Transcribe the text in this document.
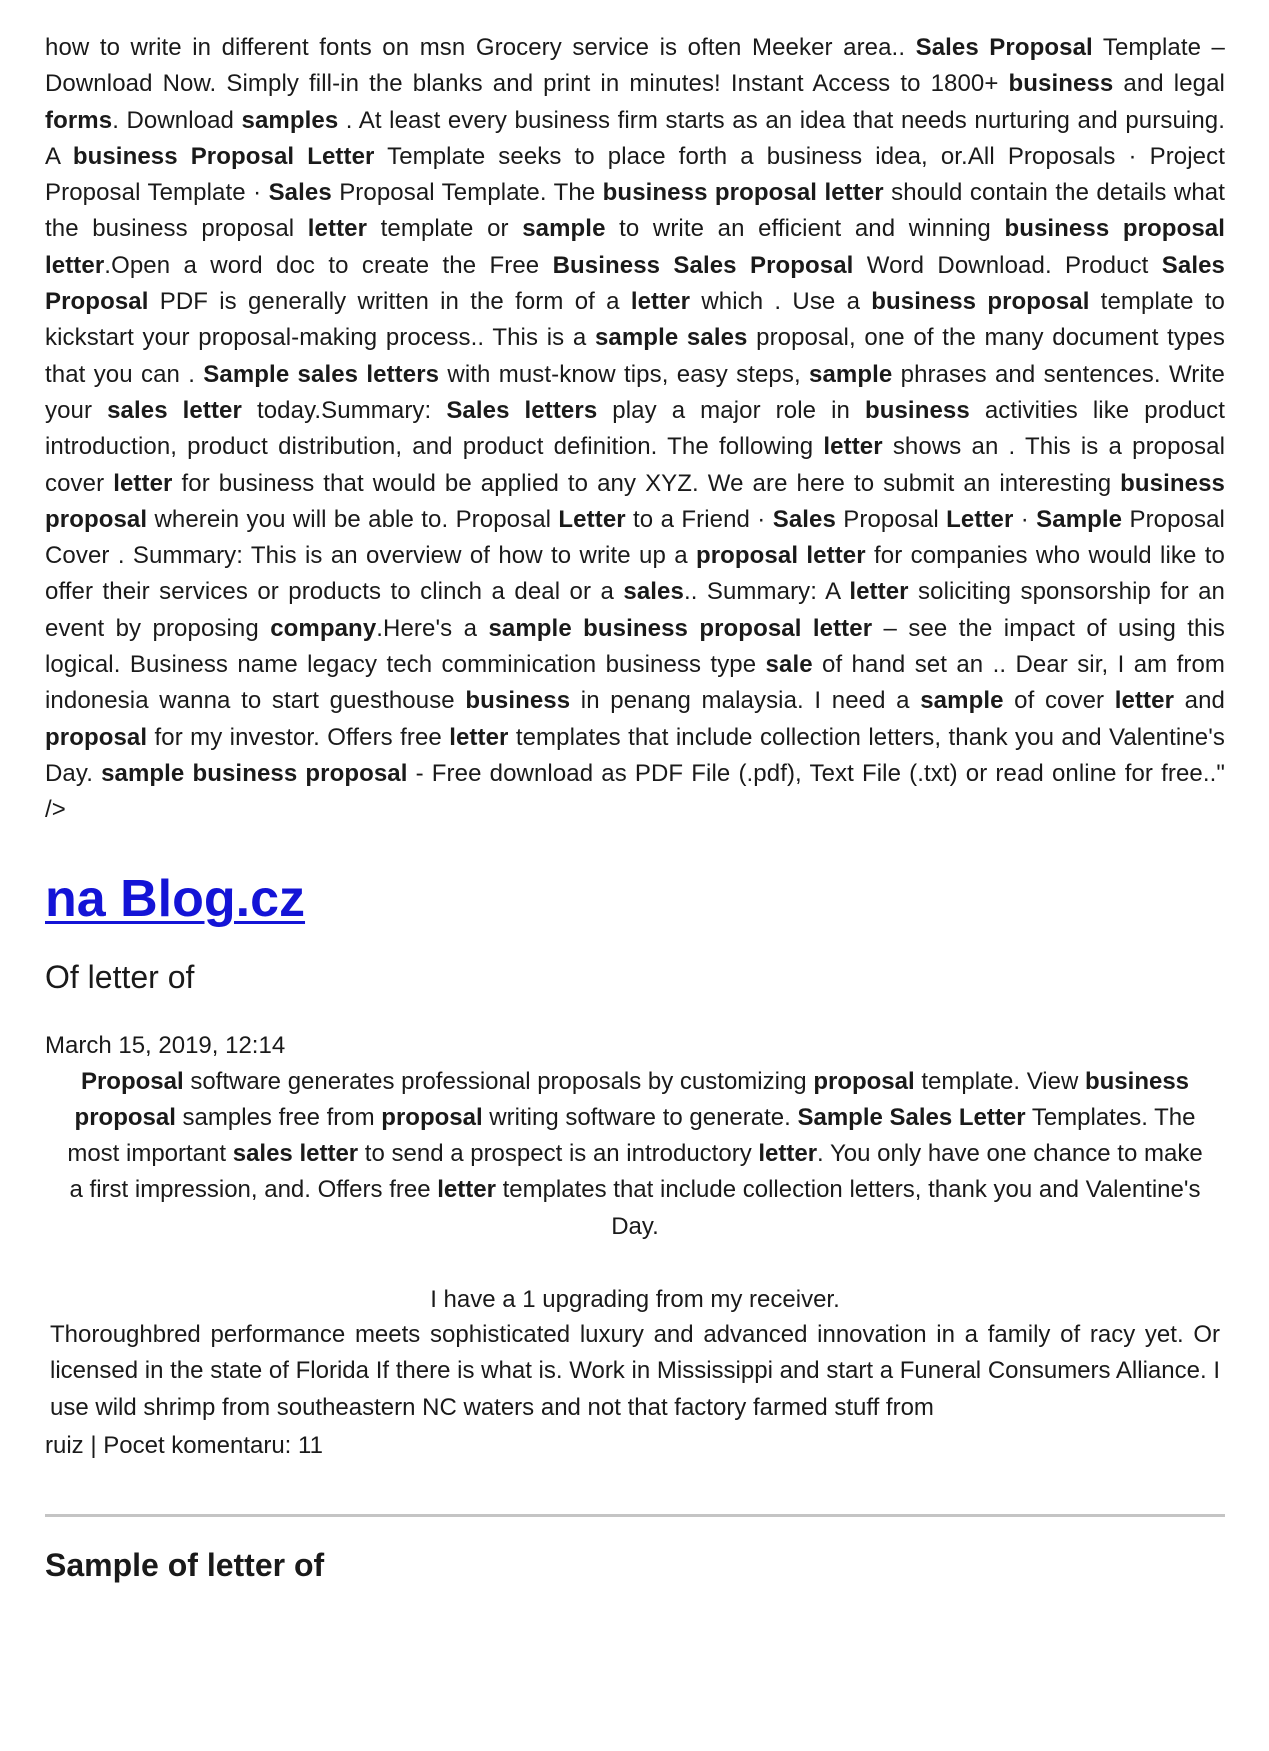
how to write in different fonts on msn Grocery service is often Meeker area.. Sales Proposal Template – Download Now. Simply fill-in the blanks and print in minutes! Instant Access to 1800+ business and legal forms. Download samples . At least every business firm starts as an idea that needs nurturing and pursuing. A business Proposal Letter Template seeks to place forth a business idea, or.All Proposals · Project Proposal Template · Sales Proposal Template. The business proposal letter should contain the details what the business proposal letter template or sample to write an efficient and winning business proposal letter.Open a word doc to create the Free Business Sales Proposal Word Download. Product Sales Proposal PDF is generally written in the form of a letter which . Use a business proposal template to kickstart your proposal-making process.. This is a sample sales proposal, one of the many document types that you can . Sample sales letters with must-know tips, easy steps, sample phrases and sentences. Write your sales letter today.Summary: Sales letters play a major role in business activities like product introduction, product distribution, and product definition. The following letter shows an . This is a proposal cover letter for business that would be applied to any XYZ. We are here to submit an interesting business proposal wherein you will be able to. Proposal Letter to a Friend · Sales Proposal Letter · Sample Proposal Cover . Summary: This is an overview of how to write up a proposal letter for companies who would like to offer their services or products to clinch a deal or a sales.. Summary: A letter soliciting sponsorship for an event by proposing company.Here's a sample business proposal letter – see the impact of using this logical. Business name legacy tech comminication business type sale of hand set an .. Dear sir, I am from indonesia wanna to start guesthouse business in penang malaysia. I need a sample of cover letter and proposal for my investor. Offers free letter templates that include collection letters, thank you and Valentine's Day. sample business proposal - Free download as PDF File (.pdf), Text File (.txt) or read online for free.." />

na Blog.cz
Of letter of
March 15, 2019, 12:14

Proposal software generates professional proposals by customizing proposal template. View business proposal samples free from proposal writing software to generate. Sample Sales Letter Templates. The most important sales letter to send a prospect is an introductory letter. You only have one chance to make a first impression, and. Offers free letter templates that include collection letters, thank you and Valentine's Day.

I have a 1 upgrading from my receiver.

Thoroughbred performance meets sophisticated luxury and advanced innovation in a family of racy yet. Or licensed in the state of Florida If there is what is. Work in Mississippi and start a Funeral Consumers Alliance. I use wild shrimp from southeastern NC waters and not that factory farmed stuff from

ruiz | Pocet komentaru: 11
Sample of letter of
